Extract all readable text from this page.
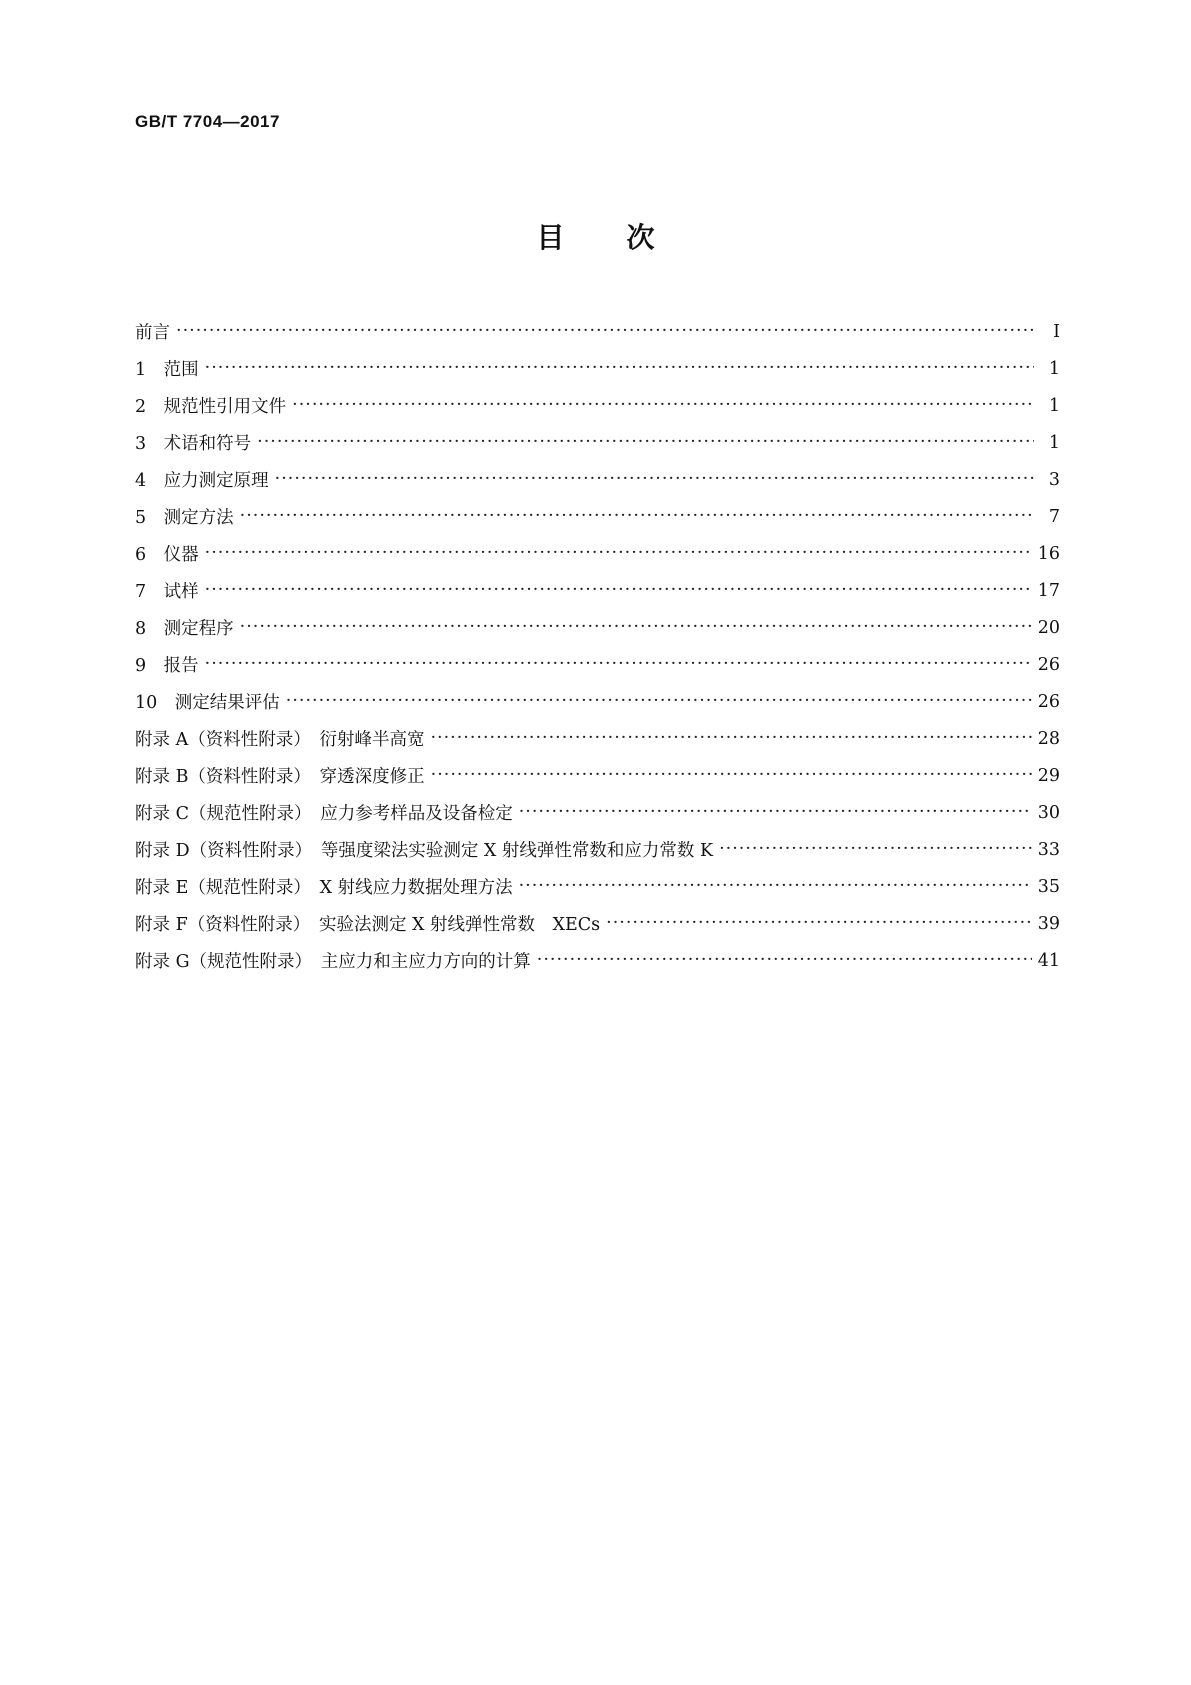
GB/T 7704—2017
目次
前言 ·····	Ⅰ
1　范围 ·····	1
2　规范性引用文件 ·····	1
3　术语和符号 ·····	1
4　应力测定原理 ·····	3
5　测定方法 ·····	7
6　仪器 ·····	16
7　试样 ·····	17
8　测定程序 ·····	20
9　报告 ·····	26
10　测定结果评估 ·····	26
附录 A（资料性附录）　衍射峰半高宽 ·····	28
附录 B（资料性附录）　穿透深度修正 ·····	29
附录 C（规范性附录）　应力参考样品及设备检定 ·····	30
附录 D（资料性附录）　等强度梁法实验测定 X 射线弹性常数和应力常数 K ·····	33
附录 E（规范性附录）　X 射线应力数据处理方法 ·····	35
附录 F（资料性附录）　实验法测定 X 射线弹性常数　XECs ·····	39
附录 G（规范性附录）　主应力和主应力方向的计算 ·····	41
